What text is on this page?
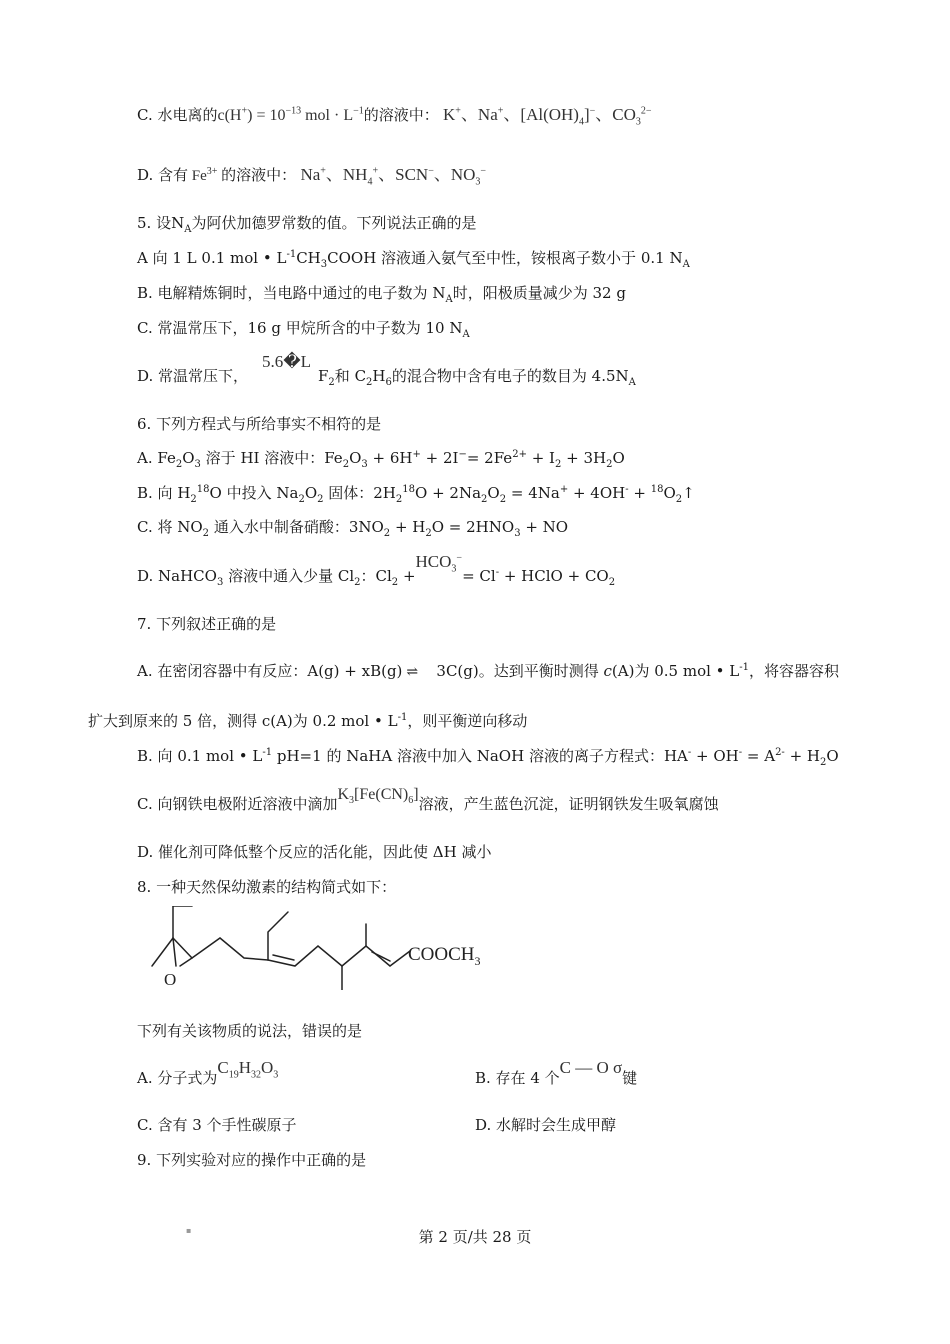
C. 水电离的$c(H^+) = 10^{-13}$ mol · $L^{-1}$的溶液中： K+、Na+、$[Al(OH)_4]^-$、$CO_3^{2-}$
D. 含有 $Fe^{3+}$ 的溶液中： Na+、$NH_4^+$、SCN−、$NO_3^-$
5. 设$N_A$为阿伏加德罗常数的值。下列说法正确的是
A 向 1 L 0.1 mol • $L^{-1}CH_3COOH$ 溶液通入氨气至中性，铵根离子数小于 0.1 $N_A$
B. 电解精炼铜时，当电路中通过的电子数为 $N_A$时，阳极质量减少为 32 g
C. 常温常压下，16 g 甲烷所含的中子数为 10 $N_A$
D. 常温常压下，
5.6�L
$F_2$和 $C_2H_6$的混合物中含有电子的数目为 $4.5N_A$
6. 下列方程式与所给事实不相符的是
A. $Fe_2O_3$ 溶于 HI 溶液中：$Fe_2O_3 + 6H^+ + 2I^-= 2Fe^{2+} + I_2 + 3H_2O$
B. 向 $H_2^{18}O$ 中投入 $Na_2O_2$ 固体：$2H_2^{18}O + 2Na_2O_2 = 4Na^+ + 4OH^-$ + $^{18}O_2↑$
C. 将 $NO_2$ 通入水中制备硝酸：$3NO_2 + H_2O = 2HNO_3$ + NO
D. NaHCO$_3$ 溶液中通入少量 $Cl_2$：$Cl_2 +HCO_3^-= Cl^-$ + HClO + $CO_2$
7. 下列叙述正确的是
A. 在密闭容器中有反应：A(g) + xB(g) ⇌ 3C(g)。达到平衡时测得 c(A)为 0.5 mol • $L^{-1}$，将容器容积
扩大到原来的 5 倍，测得 c(A)为 0.2 mol • $L^{-1}$，则平衡逆向移动
B. 向 0.1 mol • $L^{-1}$ pH=1 的 NaHA 溶液中加入 NaOH 溶液的离子方程式：$HA^- + OH^- = A^{2-} + H_2O$
C. 向钢铁电极附近溶液中滴加$K_3[Fe(CN)_6]$溶液，产生蓝色沉淀，证明钢铁发生吸氧腐蚀
D. 催化剂可降低整个反应的活化能，因此使 ΔH 减小
8. 一种天然保幼激素的结构简式如下：
O
$COOCH_3$
下列有关该物质的说法，错误的是
A. 分子式为$C_{19}H_{32}O_3$	B. 存在 4 个C — O σ键
C. 含有 3 个手性碳原子	D. 水解时会生成甲醇
9. 下列实验对应的操作中正确的是
▪	第 2 页/共 28 页
